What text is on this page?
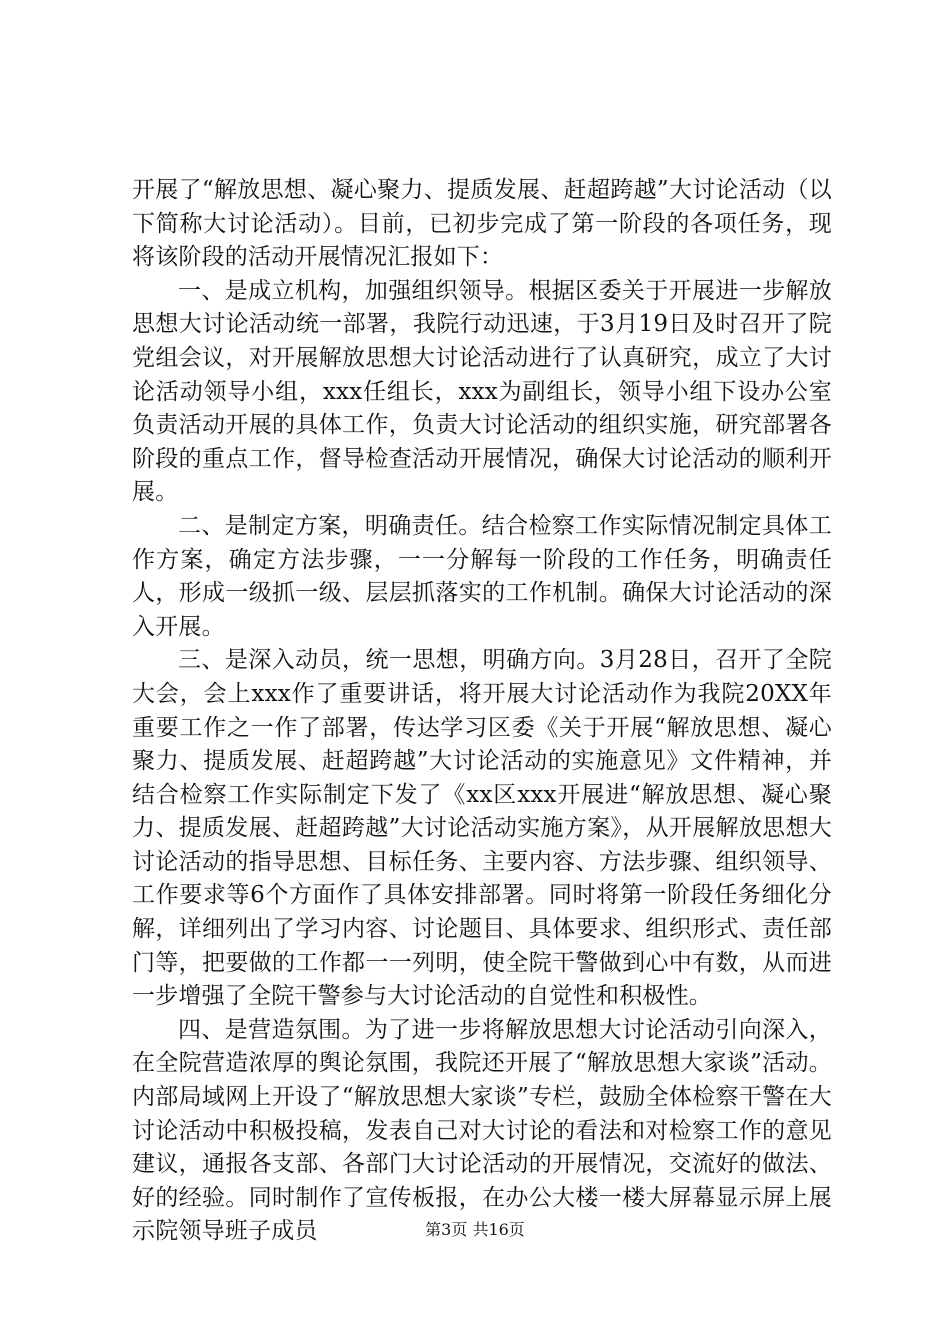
开展了“解放思想、凝心聚力、提质发展、赶超跨越”大讨论活动（以下简称大讨论活动）。目前，已初步完成了第一阶段的各项任务，现将该阶段的活动开展情况汇报如下：

一、是成立机构，加强组织领导。根据区委关于开展进一步解放思想大讨论活动统一部署，我院行动迅速，于3月19日及时召开了院党组会议，对开展解放思想大讨论活动进行了认真研究，成立了大讨论活动领导小组，xxx任组长，xxx为副组长，领导小组下设办公室负责活动开展的具体工作，负责大讨论活动的组织实施，研究部署各阶段的重点工作，督导检查活动开展情况，确保大讨论活动的顺利开展。

二、是制定方案，明确责任。结合检察工作实际情况制定具体工作方案，确定方法步骤，一一分解每一阶段的工作任务，明确责任人，形成一级抓一级、层层抓落实的工作机制。确保大讨论活动的深入开展。

三、是深入动员，统一思想，明确方向。3月28日，召开了全院大会，会上xxx作了重要讲话，将开展大讨论活动作为我院20XX年重要工作之一作了部署，传达学习区委《关于开展“解放思想、凝心聚力、提质发展、赶超跨越”大讨论活动的实施意见》文件精神，并结合检察工作实际制定下发了《xx区xxx开展进“解放思想、凝心聚力、提质发展、赶超跨越”大讨论活动实施方案》，从开展解放思想大讨论活动的指导思想、目标任务、主要内容、方法步骤、组织领导、工作要求等6个方面作了具体安排部署。同时将第一阶段任务细化分解，详细列出了学习内容、讨论题目、具体要求、组织形式、责任部门等，把要做的工作都一一列明，使全院干警做到心中有数，从而进一步增强了全院干警参与大讨论活动的自觉性和积极性。

四、是营造氛围。为了进一步将解放思想大讨论活动引向深入，在全院营造浓厚的舆论氛围，我院还开展了“解放思想大家谈”活动。内部局域网上开设了“解放思想大家谈”专栏，鼓励全体检察干警在大讨论活动中积极投稿，发表自己对大讨论的看法和对检察工作的意见建议，通报各支部、各部门大讨论活动的开展情况，交流好的做法、好的经验。同时制作了宣传板报，在办公大楼一楼大屏幕显示屏上展示院领导班子成员	第3页 共16页
